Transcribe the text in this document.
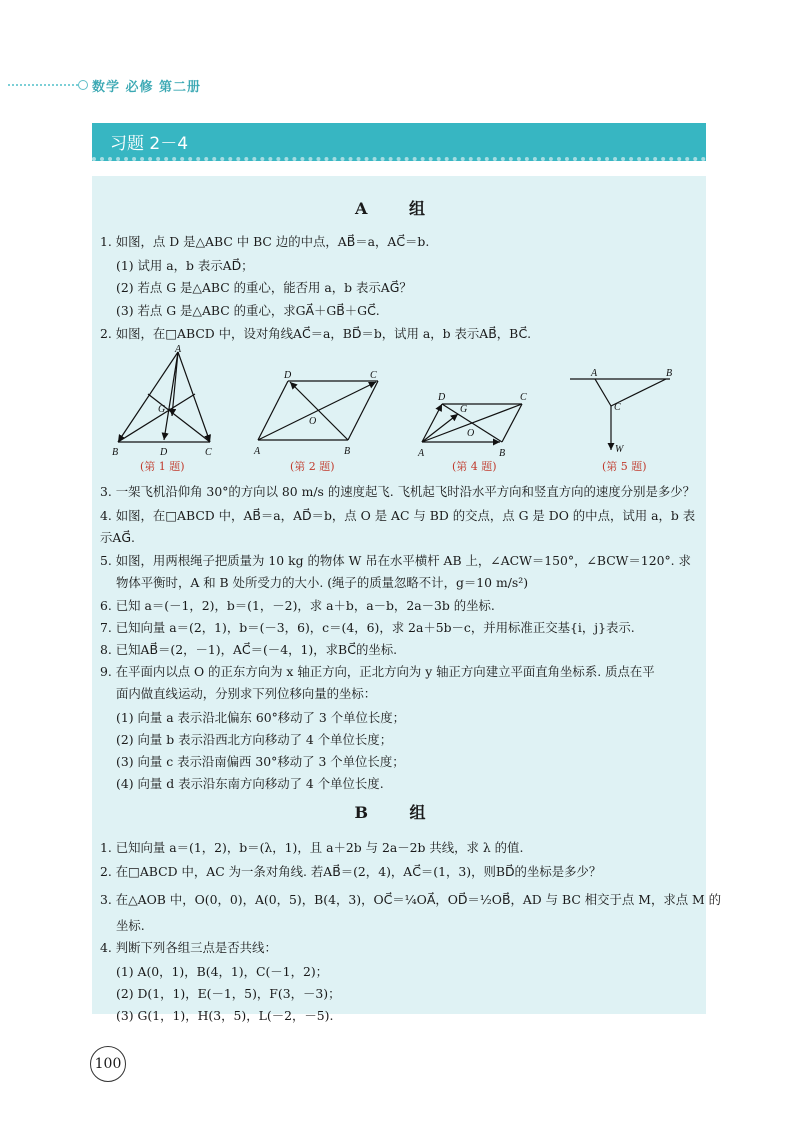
数学 必修 第二册
习题 2－4
A 组
1. 如图，点 D 是△ABC 中 BC 边的中点，AB⃗＝a，AC⃗＝b.
(1) 试用 a，b 表示AD⃗；
(2) 若点 G 是△ABC 的重心，能否用 a，b 表示AG⃗？
(3) 若点 G 是△ABC 的重心，求GA⃗＋GB⃗＋GC⃗.
2. 如图，在□ABCD 中，设对角线AC⃗＝a，BD⃗＝b，试用 a，b 表示AB⃗，BC⃗.
A
B	D	C
G
D	C
A	B
O
D	C
A	B
G
O
A	B
C
W
(第 1 题)	(第 2 题)	(第 4 题)	(第 5 题)
3. 一架飞机沿仰角 30°的方向以 80 m/s 的速度起飞. 飞机起飞时沿水平方向和竖直方向的速度分别是多少？
4. 如图，在□ABCD 中，AB⃗＝a，AD⃗＝b，点 O 是 AC 与 BD 的交点，点 G 是 DO 的中点，试用 a，b 表
示AG⃗.
5. 如图，用两根绳子把质量为 10 kg 的物体 W 吊在水平横杆 AB 上，∠ACW＝150°，∠BCW＝120°. 求
物体平衡时，A 和 B 处所受力的大小. (绳子的质量忽略不计，g＝10 m/s²)
6. 已知 a＝(－1，2)，b＝(1，－2)，求 a＋b，a－b，2a－3b 的坐标.
7. 已知向量 a＝(2，1)，b＝(－3，6)，c＝(4，6)，求 2a＋5b－c，并用标准正交基{i，j}表示.
8. 已知AB⃗＝(2，－1)，AC⃗＝(－4，1)，求BC⃗的坐标.
9. 在平面内以点 O 的正东方向为 x 轴正方向，正北方向为 y 轴正方向建立平面直角坐标系. 质点在平
面内做直线运动，分别求下列位移向量的坐标：
(1) 向量 a 表示沿北偏东 60°移动了 3 个单位长度；
(2) 向量 b 表示沿西北方向移动了 4 个单位长度；
(3) 向量 c 表示沿南偏西 30°移动了 3 个单位长度；
(4) 向量 d 表示沿东南方向移动了 4 个单位长度.
B 组
1. 已知向量 a＝(1，2)，b＝(λ，1)，且 a＋2b 与 2a－2b 共线，求 λ 的值.
2. 在□ABCD 中，AC 为一条对角线. 若AB⃗＝(2，4)，AC⃗＝(1，3)，则BD⃗的坐标是多少？
3. 在△AOB 中，O(0，0)，A(0，5)，B(4，3)，OC⃗＝¼OA⃗，OD⃗＝½OB⃗，AD 与 BC 相交于点 M，求点 M 的
坐标.
4. 判断下列各组三点是否共线：
(1) A(0，1)，B(4，1)，C(－1，2)；
(2) D(1，1)，E(－1，5)，F(3，－3)；
(3) G(1，1)，H(3，5)，L(－2，－5).
100
